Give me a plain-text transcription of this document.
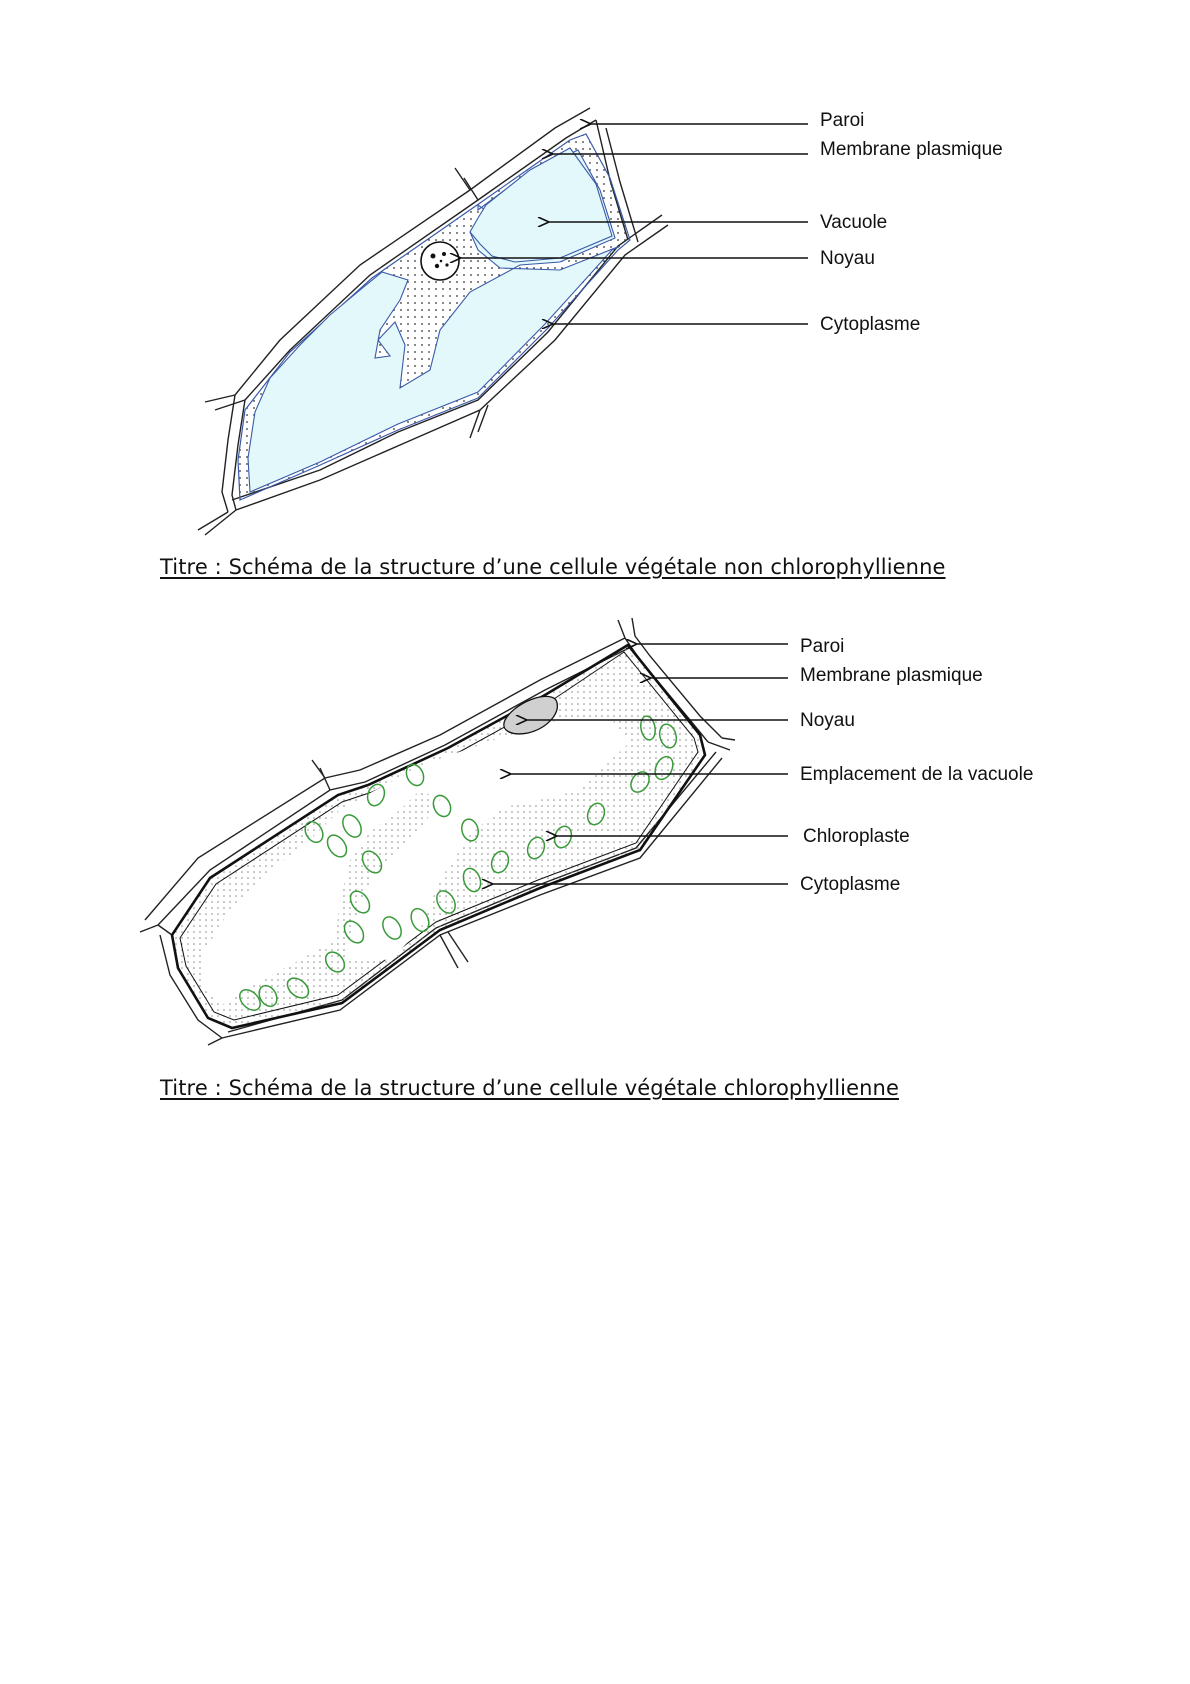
Paroi
Membrane plasmique
Vacuole
Noyau
Cytoplasme
Paroi
Membrane plasmique
Noyau
Emplacement de la vacuole
Chloroplaste
Cytoplasme
Titre : Schéma de la structure d’une cellule végétale non chlorophyllienne
Titre : Schéma de la structure d’une cellule végétale chlorophyllienne
